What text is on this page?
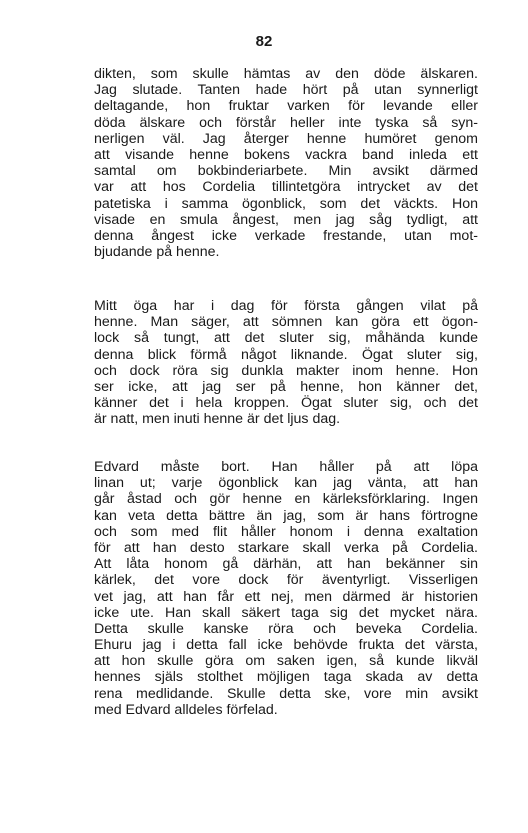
82
dikten, som skulle hämtas av den döde älskaren.
Jag slutade. Tanten hade hört på utan synnerligt
deltagande, hon fruktar varken för levande eller
döda älskare och förstår heller inte tyska så syn-
nerligen väl. Jag återger henne humöret genom
att visande henne bokens vackra band inleda ett
samtal om bokbinderiarbete. Min avsikt därmed
var att hos Cordelia tillintetgöra intrycket av det
patetiska i samma ögonblick, som det väckts. Hon
visade en smula ångest, men jag såg tydligt, att
denna ångest icke verkade frestande, utan mot-
bjudande på henne.
Mitt öga har i dag för första gången vilat på
henne. Man säger, att sömnen kan göra ett ögon-
lock så tungt, att det sluter sig, måhända kunde
denna blick förmå något liknande. Ögat sluter sig,
och dock röra sig dunkla makter inom henne. Hon
ser icke, att jag ser på henne, hon känner det,
känner det i hela kroppen. Ögat sluter sig, och det
är natt, men inuti henne är det ljus dag.
Edvard måste bort. Han håller på att löpa
linan ut; varje ögonblick kan jag vänta, att han
går åstad och gör henne en kärleksförklaring. Ingen
kan veta detta bättre än jag, som är hans förtrogne
och som med flit håller honom i denna exaltation
för att han desto starkare skall verka på Cordelia.
Att låta honom gå därhän, att han bekänner sin
kärlek, det vore dock för äventyrligt. Visserligen
vet jag, att han får ett nej, men därmed är historien
icke ute. Han skall säkert taga sig det mycket nära.
Detta skulle kanske röra och beveka Cordelia.
Ehuru jag i detta fall icke behövde frukta det värsta,
att hon skulle göra om saken igen, så kunde likväl
hennes själs stolthet möjligen taga skada av detta
rena medlidande. Skulle detta ske, vore min avsikt
med Edvard alldeles förfelad.
